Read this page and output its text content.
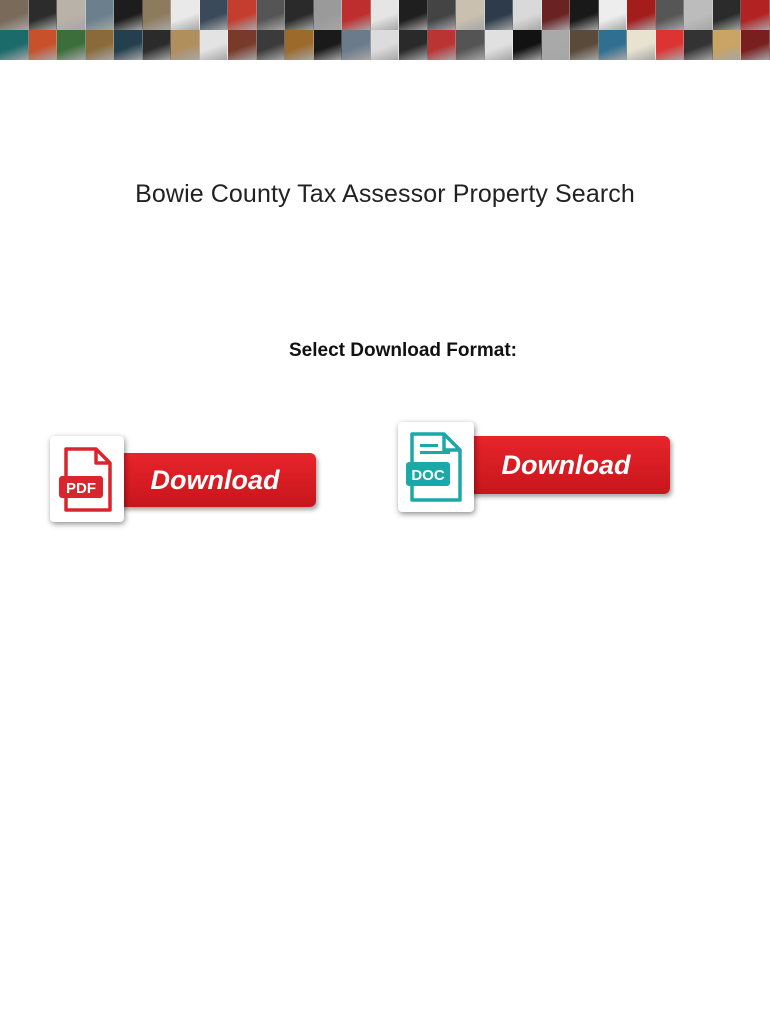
Bowie County Tax Assessor Property Search
Select Download Format:
Download
PDF
Download
DOC
